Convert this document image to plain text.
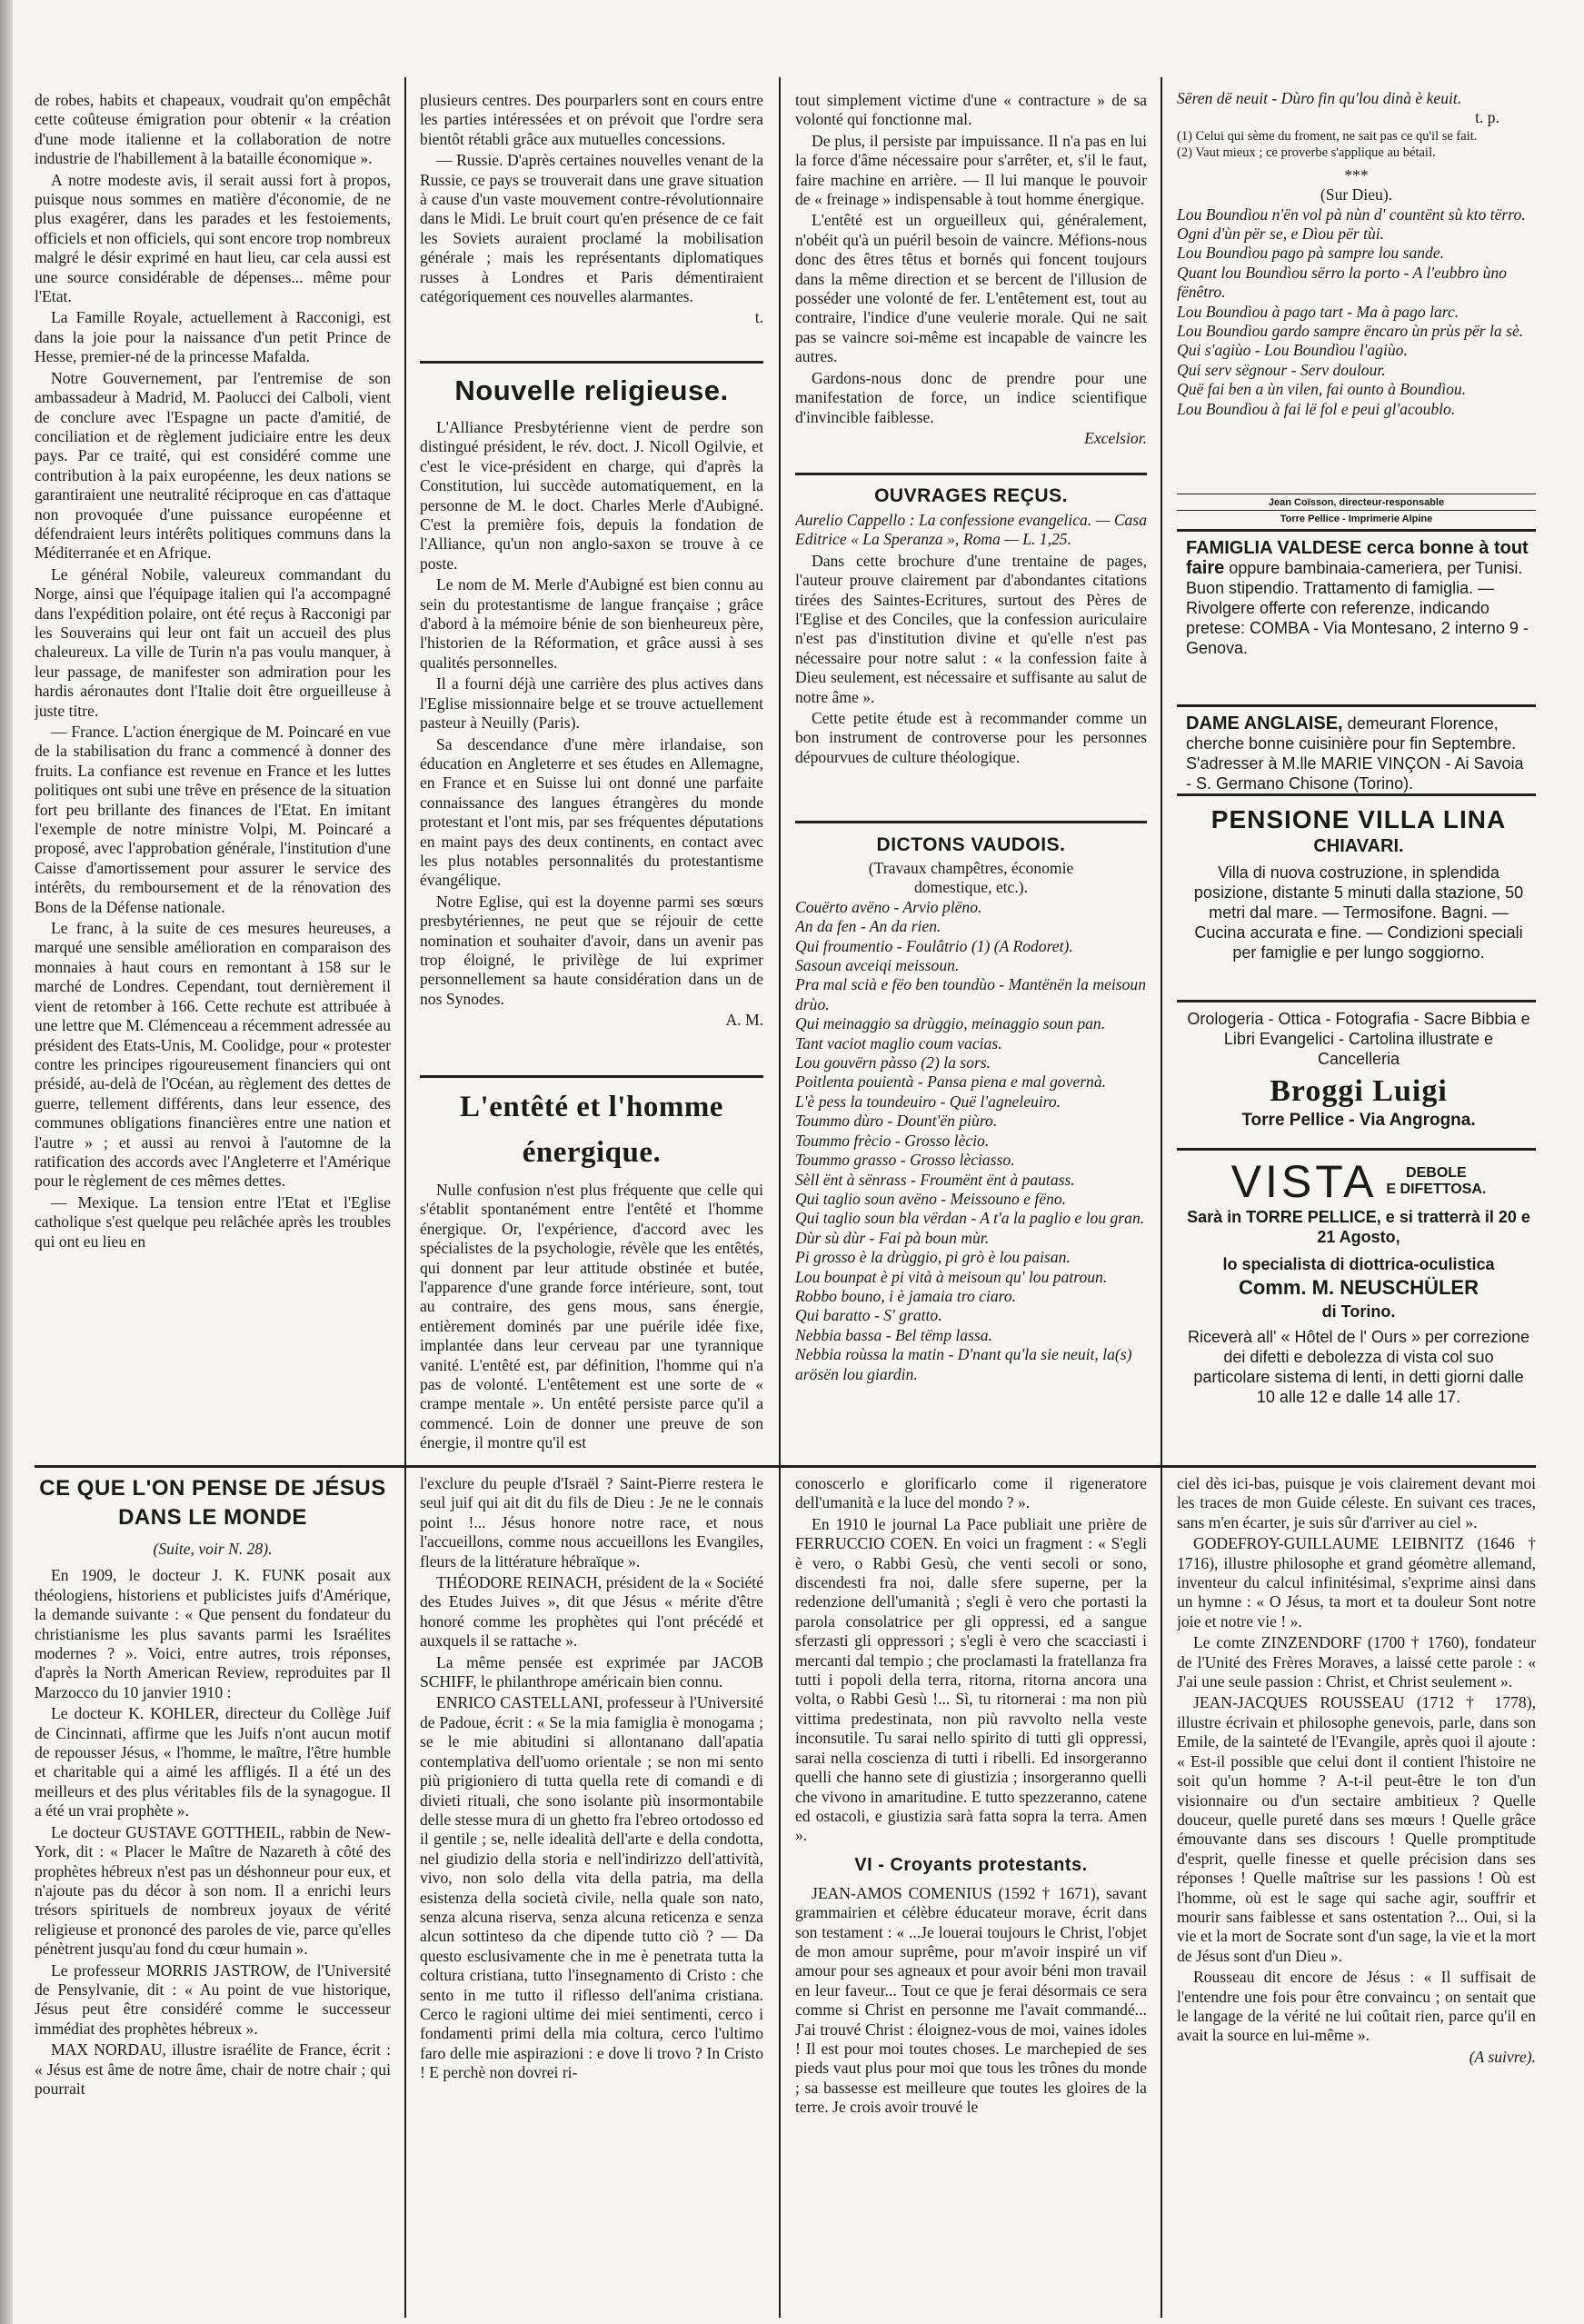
de robes, habits et chapeaux, voudrait qu'on empêchât cette coûteuse émigration pour obtenir « la création d'une mode italienne et la collaboration de notre industrie de l'habillement à la bataille économique ».

A notre modeste avis, il serait aussi fort à propos, puisque nous sommes en matière d'économie, de ne plus exagérer, dans les parades et les festoiements, officiels et non officiels, qui sont encore trop nombreux malgré le désir exprimé en haut lieu, car cela aussi est une source considérable de dépenses... même pour l'Etat.

La Famille Royale, actuellement à Racconigi, est dans la joie pour la naissance d'un petit Prince de Hesse, premier-né de la princesse Mafalda.

Notre Gouvernement, par l'entremise de son ambassadeur à Madrid, M. Paolucci dei Calboli, vient de conclure avec l'Espagne un pacte d'amitié, de conciliation et de règlement judiciaire entre les deux pays. Par ce traité, qui est considéré comme une contribution à la paix européenne, les deux nations se garantiraient une neutralité réciproque en cas d'attaque non provoquée d'une puissance européenne et défendraient leurs intérêts politiques communs dans la Méditerranée et en Afrique.

Le général Nobile, valeureux commandant du Norge, ainsi que l'équipage italien qui l'a accompagné dans l'expédition polaire, ont été reçus à Racconigi par les Souverains qui leur ont fait un accueil des plus chaleureux. La ville de Turin n'a pas voulu manquer, à leur passage, de manifester son admiration pour les hardis aéronautes dont l'Italie doit être orgueilleuse à juste titre.

— France. L'action énergique de M. Poincaré en vue de la stabilisation du franc a commencé à donner des fruits. La confiance est revenue en France et les luttes politiques ont subi une trêve en présence de la situation fort peu brillante des finances de l'Etat. En imitant l'exemple de notre ministre Volpi, M. Poincaré a proposé, avec l'approbation générale, l'institution d'une Caisse d'amortissement pour assurer le service des intérêts, du remboursement et de la rénovation des Bons de la Défense nationale.

Le franc, à la suite de ces mesures heureuses, a marqué une sensible amélioration en comparaison des monnaies à haut cours en remontant à 158 sur le marché de Londres. Cependant, tout dernièrement il vient de retomber à 166. Cette rechute est attribuée à une lettre que M. Clémenceau a récemment adressée au président des Etats-Unis, M. Coolidge, pour « protester contre les principes rigoureusement financiers qui ont présidé, au-delà de l'Océan, au règlement des dettes de guerre, tellement différents, dans leur essence, des communes obligations financières entre une nation et l'autre » ; et aussi au renvoi à l'automne de la ratification des accords avec l'Angleterre et l'Amérique pour le règlement de ces mêmes dettes.

— Mexique. La tension entre l'Etat et l'Eglise catholique s'est quelque peu relâchée après les troubles qui ont eu lieu en

plusieurs centres. Des pourparlers sont en cours entre les parties intéressées et on prévoit que l'ordre sera bientôt rétabli grâce aux mutuelles concessions.

— Russie. D'après certaines nouvelles venant de la Russie, ce pays se trouverait dans une grave situation à cause d'un vaste mouvement contre-révolutionnaire dans le Midi. Le bruit court qu'en présence de ce fait les Soviets auraient proclamé la mobilisation générale ; mais les représentants diplomatiques russes à Londres et Paris démentiraient catégoriquement ces nouvelles alarmantes.

t.

Nouvelle religieuse.

L'Alliance Presbytérienne vient de perdre son distingué président, le rév. doct. J. Nicoll Ogilvie, et c'est le vice-président en charge, qui d'après la Constitution, lui succède automatiquement, en la personne de M. le doct. Charles Merle d'Aubigné. C'est la première fois, depuis la fondation de l'Alliance, qu'un non anglo-saxon se trouve à ce poste.

Le nom de M. Merle d'Aubigné est bien connu au sein du protestantisme de langue française ; grâce d'abord à la mémoire bénie de son bienheureux père, l'historien de la Réformation, et grâce aussi à ses qualités personnelles.

Il a fourni déjà une carrière des plus actives dans l'Eglise missionnaire belge et se trouve actuellement pasteur à Neuilly (Paris).

Sa descendance d'une mère irlandaise, son éducation en Angleterre et ses études en Allemagne, en France et en Suisse lui ont donné une parfaite connaissance des langues étrangères du monde protestant et l'ont mis, par ses fréquentes députations en maint pays des deux continents, en contact avec les plus notables personnalités du protestantisme évangélique.

Notre Eglise, qui est la doyenne parmi ses sœurs presbytériennes, ne peut que se réjouir de cette nomination et souhaiter d'avoir, dans un avenir pas trop éloigné, le privilège de lui exprimer personnellement sa haute considération dans un de nos Synodes.

A. M.

L'entêté et l'homme énergique.

Nulle confusion n'est plus fréquente que celle qui s'établit spontanément entre l'entêté et l'homme énergique. Or, l'expérience, d'accord avec les spécialistes de la psychologie, révèle que les entêtés, qui donnent par leur attitude obstinée et butée, l'apparence d'une grande force intérieure, sont, tout au contraire, des gens mous, sans énergie, entièrement dominés par une puérile idée fixe, implantée dans leur cerveau par une tyrannique vanité. L'entêté est, par définition, l'homme qui n'a pas de volonté. L'entêtement est une sorte de « crampe mentale ». Un entêté persiste parce qu'il a commencé. Loin de donner une preuve de son énergie, il montre qu'il est

tout simplement victime d'une « contracture » de sa volonté qui fonctionne mal.

De plus, il persiste par impuissance. Il n'a pas en lui la force d'âme nécessaire pour s'arrêter, et, s'il le faut, faire machine en arrière. — Il lui manque le pouvoir de « freinage » indispensable à tout homme énergique.

L'entêté est un orgueilleux qui, généralement, n'obéit qu'à un puéril besoin de vaincre. Méfions-nous donc des êtres têtus et bornés qui foncent toujours dans la même direction et se bercent de l'illusion de posséder une volonté de fer. L'entêtement est, tout au contraire, l'indice d'une veulerie morale. Qui ne sait pas se vaincre soi-même est incapable de vaincre les autres.

Gardons-nous donc de prendre pour une manifestation de force, un indice scientifique d'invincible faiblesse.

Excelsior.

OUVRAGES REÇUS.

Aurelio Cappello : La confessione evangelica. — Casa Editrice « La Speranza », Roma — L. 1,25.

Dans cette brochure d'une trentaine de pages, l'auteur prouve clairement par d'abondantes citations tirées des Saintes-Ecritures, surtout des Pères de l'Eglise et des Conciles, que la confession auriculaire n'est pas d'institution divine et qu'elle n'est pas nécessaire pour notre salut : « la confession faite à Dieu seulement, est nécessaire et suffisante au salut de notre âme ».

Cette petite étude est à recommander comme un bon instrument de controverse pour les personnes dépourvues de culture théologique.

DICTONS VAUDOIS.
(Travaux champêtres, économie domestique, etc.).
Couërto avëno - Arvio plëno.
An da fen - An da rien.
Qui froumentio - Foulâtrio (1) (A Rodoret).
Sasoun avceiqi meissoun.
Pra mal scià e fëo ben toundùo - Mantënën la meisoun drùo.
Qui meinaggio sa drùggio, meinaggio soun pan.
Tant vaciot maglio coum vacias.
Lou gouvërn pàsso (2) la sors.
Poitlenta pouientà - Pansa piena e mal governà.
L'è pess la toundeuiro - Quë l'agneleuiro.
Toummo dùro - Dount'ën piùro.
Toummo frècio - Grosso lècio.
Toummo grasso - Grosso lèciasso.
Sèll ënt à sënrass - Froumënt ënt à pautass.
Qui taglio soun avëno - Meissouno e fëno.
Qui taglio soun bla vërdan - A t'a la paglio e lou gran.
Dùr sù dùr - Fai pà boun mùr.
Pi grosso è la drùggio, pi grò è lou paisan.
Lou bounpat è pi vità à meisoun qu' lou patroun.
Robbo bouno, i è jamaia tro ciaro.
Qui baratto - S' gratto.
Nebbia bassa - Bel tëmp lassa.
Nebbia roùssa la matin - D'nant qu'la sie neuit, la(s) arösën lou giardin.
Sëren dë neuit - Dùro fin qu'lou dinà è keuit.
t. p.
(1) Celui qui sème du froment, ne sait pas ce qu'il se fait.
(2) Vaut mieux ; ce proverbe s'applique au bétail.
***
(Sur Dieu).
Lou Boundìou n'ën vol pà nùn d' countënt sù kto tërro.
Ogni d'ùn për se, e Dìou për tùi.
Lou Boundìou pago pà sampre lou sande.
Quant lou Boundìou sërro la porto - A l'eubbro ùno fënêtro.
Lou Boundìou à pago tart - Ma à pago larc.
Lou Boundìou gardo sampre ëncaro ùn prùs për la sè.
Qui s'agiùo - Lou Boundìou l'agiùo.
Qui serv sëgnour - Serv doulour.
Quë fai ben a ùn vilen, fai ounto à Boundìou.
Lou Boundìou à fai lë fol e peui gl'acoublo.
Jean Coïsson, directeur-responsable
Torre Pellice - Imprimerie Alpine

FAMIGLIA VALDESE cerca bonne à tout faire oppure bambinaia-cameriera, per Tunisi. Buon stipendio. Trattamento di famiglia. — Rivolgere offerte con referenze, indicando pretese: COMBA - Via Montesano, 2 interno 9 - Genova.

DAME ANGLAISE, demeurant Florence, cherche bonne cuisinière pour fin Septembre. S'adresser à M.lle MARIE VINÇON - Ai Savoia - S. Germano Chisone (Torino).

PENSIONE VILLA LINA
CHIAVARI.

Villa di nuova costruzione, in splendida posizione, distante 5 minuti dalla stazione, 50 metri dal mare. — Termosifone. Bagni. — Cucina accurata e fine. — Condizioni speciali per famiglie e per lungo soggiorno.

Orologeria - Ottica - Fotografia - Sacre Bibbia e Libri Evangelici - Cartolina illustrate e Cancelleria

Broggi Luigi
Torre Pellice - Via Angrogna.
VISTA	DEBOLE
E DIFETTOSA.

Sarà in TORRE PELLICE, e si tratterrà il 20 e 21 Agosto,

lo specialista di diottrica-oculistica

Comm. M. NEUSCHÜLER

di Torino.

Riceverà all' « Hôtel de l' Ours » per correzione dei difetti e debolezza di vista col suo particolare sistema di lenti, in detti giorni dalle 10 alle 12 e dalle 14 alle 17.

CE QUE L'ON PENSE DE JÉSUS
DANS LE MONDE
(Suite, voir N. 28).

En 1909, le docteur J. K. FUNK posait aux théologiens, historiens et publicistes juifs d'Amérique, la demande suivante : « Que pensent du fondateur du christianisme les plus savants parmi les Israélites modernes ? ». Voici, entre autres, trois réponses, d'après la North American Review, reproduites par Il Marzocco du 10 janvier 1910 :

Le docteur K. KOHLER, directeur du Collège Juif de Cincinnati, affirme que les Juifs n'ont aucun motif de repousser Jésus, « l'homme, le maître, l'être humble et charitable qui a aimé les affligés. Il a été un des meilleurs et des plus véritables fils de la synagogue. Il a été un vrai prophète ».

Le docteur GUSTAVE GOTTHEIL, rabbin de New-York, dit : « Placer le Maître de Nazareth à côté des prophètes hébreux n'est pas un déshonneur pour eux, et n'ajoute pas du décor à son nom. Il a enrichi leurs trésors spirituels de nombreux joyaux de vérité religieuse et prononcé des paroles de vie, parce qu'elles pénètrent jusqu'au fond du cœur humain ».

Le professeur MORRIS JASTROW, de l'Université de Pensylvanie, dit : « Au point de vue historique, Jésus peut être considéré comme le successeur immédiat des prophètes hébreux ».

MAX NORDAU, illustre israélite de France, écrit : « Jésus est âme de notre âme, chair de notre chair ; qui pourrait

l'exclure du peuple d'Israël ? Saint-Pierre restera le seul juif qui ait dit du fils de Dieu : Je ne le connais point !... Jésus honore notre race, et nous l'accueillons, comme nous accueillons les Evangiles, fleurs de la littérature hébraïque ».

THÉODORE REINACH, président de la « Société des Etudes Juives », dit que Jésus « mérite d'être honoré comme les prophètes qui l'ont précédé et auxquels il se rattache ».

La même pensée est exprimée par JACOB SCHIFF, le philanthrope américain bien connu.

ENRICO CASTELLANI, professeur à l'Université de Padoue, écrit : « Se la mia famiglia è monogama ; se le mie abitudini si allontanano dall'apatia contemplativa dell'uomo orientale ; se non mi sento più prigioniero di tutta quella rete di comandi e di divieti rituali, che sono isolante più insormontabile delle stesse mura di un ghetto fra l'ebreo ortodosso ed il gentile ; se, nelle idealità dell'arte e della condotta, nel giudizio della storia e nell'indirizzo dell'attività, vivo, non solo della vita della patria, ma della esistenza della società civile, nella quale son nato, senza alcuna riserva, senza alcuna reticenza e senza alcun sottinteso da che dipende tutto ciò ? — Da questo esclusivamente che in me è penetrata tutta la coltura cristiana, tutto l'insegnamento di Cristo : che sento in me tutto il riflesso dell'anima cristiana. Cerco le ragioni ultime dei miei sentimenti, cerco i fondamenti primi della mia coltura, cerco l'ultimo faro delle mie aspirazioni : e dove li trovo ? In Cristo ! E perchè non dovrei ri-

conoscerlo e glorificarlo come il rigeneratore dell'umanità e la luce del mondo ? ».

En 1910 le journal La Pace publiait une prière de FERRUCCIO COEN. En voici un fragment : « S'egli è vero, o Rabbi Gesù, che venti secoli or sono, discendesti fra noi, dalle sfere superne, per la redenzione dell'umanità ; s'egli è vero che portasti la parola consolatrice per gli oppressi, ed a sangue sferzasti gli oppressori ; s'egli è vero che scacciasti i mercanti dal tempio ; che proclamasti la fratellanza fra tutti i popoli della terra, ritorna, ritorna ancora una volta, o Rabbi Gesù !... Sì, tu ritornerai : ma non più vittima predestinata, non più ravvolto nella veste inconsutile. Tu sarai nello spirito di tutti gli oppressi, sarai nella coscienza di tutti i ribelli. Ed insorgeranno quelli che hanno sete di giustizia ; insorgeranno quelli che vivono in amaritudine. E tutto spezzeranno, catene ed ostacoli, e giustizia sarà fatta sopra la terra. Amen ».

VI - Croyants protestants.

JEAN-AMOS COMENIUS (1592 † 1671), savant grammairien et célèbre éducateur morave, écrit dans son testament : « ...Je louerai toujours le Christ, l'objet de mon amour suprême, pour m'avoir inspiré un vif amour pour ses agneaux et pour avoir béni mon travail en leur faveur... Tout ce que je ferai désormais ce sera comme si Christ en personne me l'avait commandé... J'ai trouvé Christ : éloignez-vous de moi, vaines idoles ! Il est pour moi toutes choses. Le marchepied de ses pieds vaut plus pour moi que tous les trônes du monde ; sa bassesse est meilleure que toutes les gloires de la terre. Je crois avoir trouvé le

ciel dès ici-bas, puisque je vois clairement devant moi les traces de mon Guide céleste. En suivant ces traces, sans m'en écarter, je suis sûr d'arriver au ciel ».

GODEFROY-GUILLAUME LEIBNITZ (1646 † 1716), illustre philosophe et grand géomètre allemand, inventeur du calcul infinitésimal, s'exprime ainsi dans un hymne : « O Jésus, ta mort et ta douleur Sont notre joie et notre vie ! ».

Le comte ZINZENDORF (1700 † 1760), fondateur de l'Unité des Frères Moraves, a laissé cette parole : « J'ai une seule passion : Christ, et Christ seulement ».

JEAN-JACQUES ROUSSEAU (1712 † 1778), illustre écrivain et philosophe genevois, parle, dans son Emile, de la sainteté de l'Evangile, après quoi il ajoute : « Est-il possible que celui dont il contient l'histoire ne soit qu'un homme ? A-t-il peut-être le ton d'un visionnaire ou d'un sectaire ambitieux ? Quelle douceur, quelle pureté dans ses mœurs ! Quelle grâce émouvante dans ses discours ! Quelle promptitude d'esprit, quelle finesse et quelle précision dans ses réponses ! Quelle maîtrise sur les passions ! Où est l'homme, où est le sage qui sache agir, souffrir et mourir sans faiblesse et sans ostentation ?... Oui, si la vie et la mort de Socrate sont d'un sage, la vie et la mort de Jésus sont d'un Dieu ».

Rousseau dit encore de Jésus : « Il suffisait de l'entendre une fois pour être convaincu ; on sentait que le langage de la vérité ne lui coûtait rien, parce qu'il en avait la source en lui-même ».

(A suivre).
